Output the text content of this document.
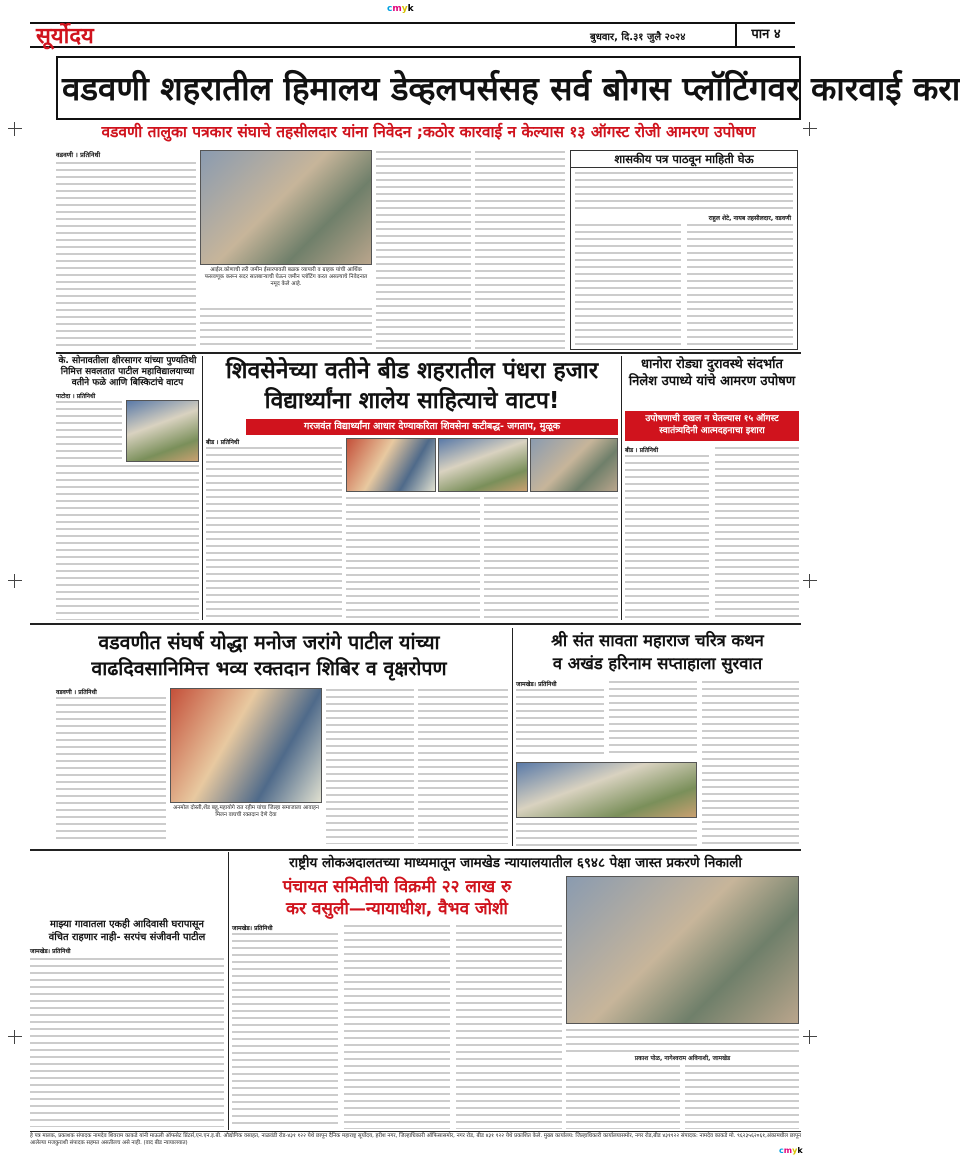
cmyk
सूर्योदय	बुधवार, दि.३१ जुलै २०२४	पान ४
वडवणी शहरातील हिमालय डेव्हलपर्ससह सर्व बोगस प्लॉटिंगवर कारवाई करा
वडवणी तालुका पत्रकार संघाचे तहसीलदार यांना निवेदन ;कठोर कारवाई न केल्यास १३ ऑगस्ट रोजी आमरण उपोषण
वडवणी । प्रतिनिधी
आईल.कोणाची तरी जमीन ईसारपावती बळक व्यापारी व ग्राहक यांची आर्थिक फसवणूक करून सदर सातबाऱ्याची घेऊन जमीन प्लॉटिंग करत असल्याचे निवेदनात नमूद केले आहे.
शासकीय पत्र पाठवून माहिती घेऊ
राहुल शेटे, नायब तहसीलदार, वडवणी
के. सोनावतीला क्षीरसागर यांच्या पुण्यतिथी निमित्त सवलतात पाटील महाविद्यालयाच्या वतीने फळे आणि बिस्किटांचे वाटप
पाटोदा । प्रतिनिधी
शिवसेनेच्या वतीने बीड शहरातील पंधरा हजार
विद्यार्थ्यांना शालेय साहित्याचे वाटप!
गरजवंत विद्यार्थ्यांना आधार देण्याकरिता शिवसेना कटीबद्ध- जगताप, मुळूक
बीड । प्रतिनिधी
धानोरा रोड्या दुरावस्थे संदर्भात निलेश उपाध्ये यांचे आमरण उपोषण
उपोषणाची दखल न घेतल्यास १५ ऑगस्ट स्वातंत्र्यदिनी आत्मदहनाचा इशारा
बीड । प्रतिनिधी
वडवणीत संघर्ष योद्धा मनोज जरांगे पाटील यांच्या
वाढदिवसानिमित्त भव्य रक्तदान शिबिर व वृक्षरोपण
वडवणी । प्रतिनिधी
अनमोल दोस्ती,शेंड बहू,महायोगे रात रहीम यांचा जिल्हा समाजाला आवाहन मिलन वाघची रक्तदान देणे देवा
श्री संत सावता महाराज चरित्र कथन
व अखंड हरिनाम सप्ताहाला सुरवात
जामखेड। प्रतिनिधी
राष्ट्रीय लोकअदालतच्या माध्यमातून जामखेड न्यायालयातील ६९४८ पेक्षा जास्त प्रकरणे निकाली
पंचायत समितीची विक्रमी २२ लाख रु
कर वसुली—न्यायाधीश, वैभव जोशी
जामखेड। प्रतिनिधी
प्रकाश पोळ, नागेश्वराम अविनाशी, जामखेड
माझ्या गावातला एकही आदिवासी घरापासून
वंचित राहणार नाही- सरपंच संजीवनी पाटील
जामखेड। प्रतिनिधी
हे पत्र मालक, प्रकाशक संपादक नामदेव शिवराम काकडे यांनी माऊली ऑफसेट प्रिंटर्स,एन.एन.इ.बी. औद्योगिक वसाहत, नाळवंडी रोड-४३१ १२२ येथे छापून दैनिक महाराष्ट्र सूर्योदय, हरीश नगर, जिल्हाधिकारी ऑफिसासमोर, नगर रोड, बीड ४३१ १२२ येथे प्रकाशित केले. मुख्य कार्यालय: जिल्हाधिकारी कार्यालयासमोर, नगर रोड,बीड ४३११२२ संपादक: नामदेव काकडे मो. ९६२३५६२०६१,अंकामधील छापून आलेल्या मजकुराशी संपादक सहमत असतीलच असे नाही. (वाद बीड न्यायालयात)
cmyk
